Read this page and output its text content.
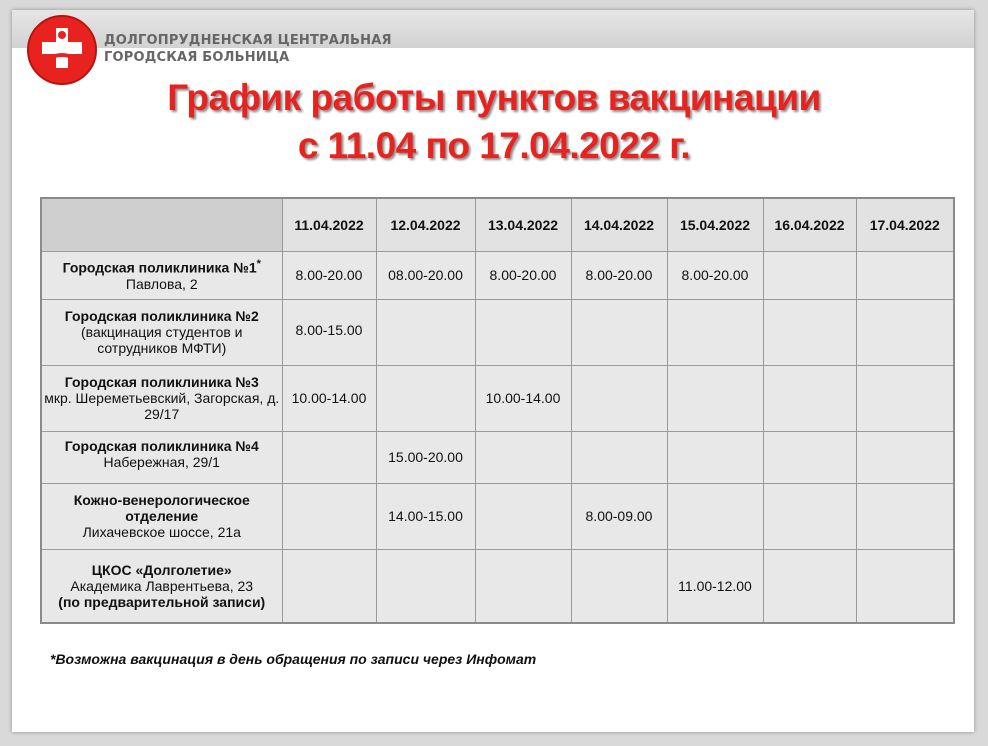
ДОЛГОПРУДНЕНСКАЯ ЦЕНТРАЛЬНАЯ
ГОРОДСКАЯ БОЛЬНИЦА
График работы пунктов вакцинации
с 11.04 по 17.04.2022 г.
	11.04.2022	12.04.2022	13.04.2022	14.04.2022	15.04.2022	16.04.2022	17.04.2022

Городская поликлиника №1*
Павлова, 2	8.00-20.00	08.00-20.00	8.00-20.00	8.00-20.00	8.00-20.00		

Городская поликлиника №2
(вакцинация студентов и сотрудников МФТИ)	8.00-15.00						

Городская поликлиника №3
мкр. Шереметьевский, Загорская, д. 29/17	10.00-14.00		10.00-14.00				

Городская поликлиника №4
Набережная, 29/1		15.00-20.00					

Кожно-венерологическое отделение
Лихачевское шоссе, 21а		14.00-15.00		8.00-09.00			

ЦКОС «Долголетие»
Академика Лаврентьева, 23
(по предварительной записи)					11.00-12.00		
*Возможна вакцинация в день обращения по записи через Инфомат
